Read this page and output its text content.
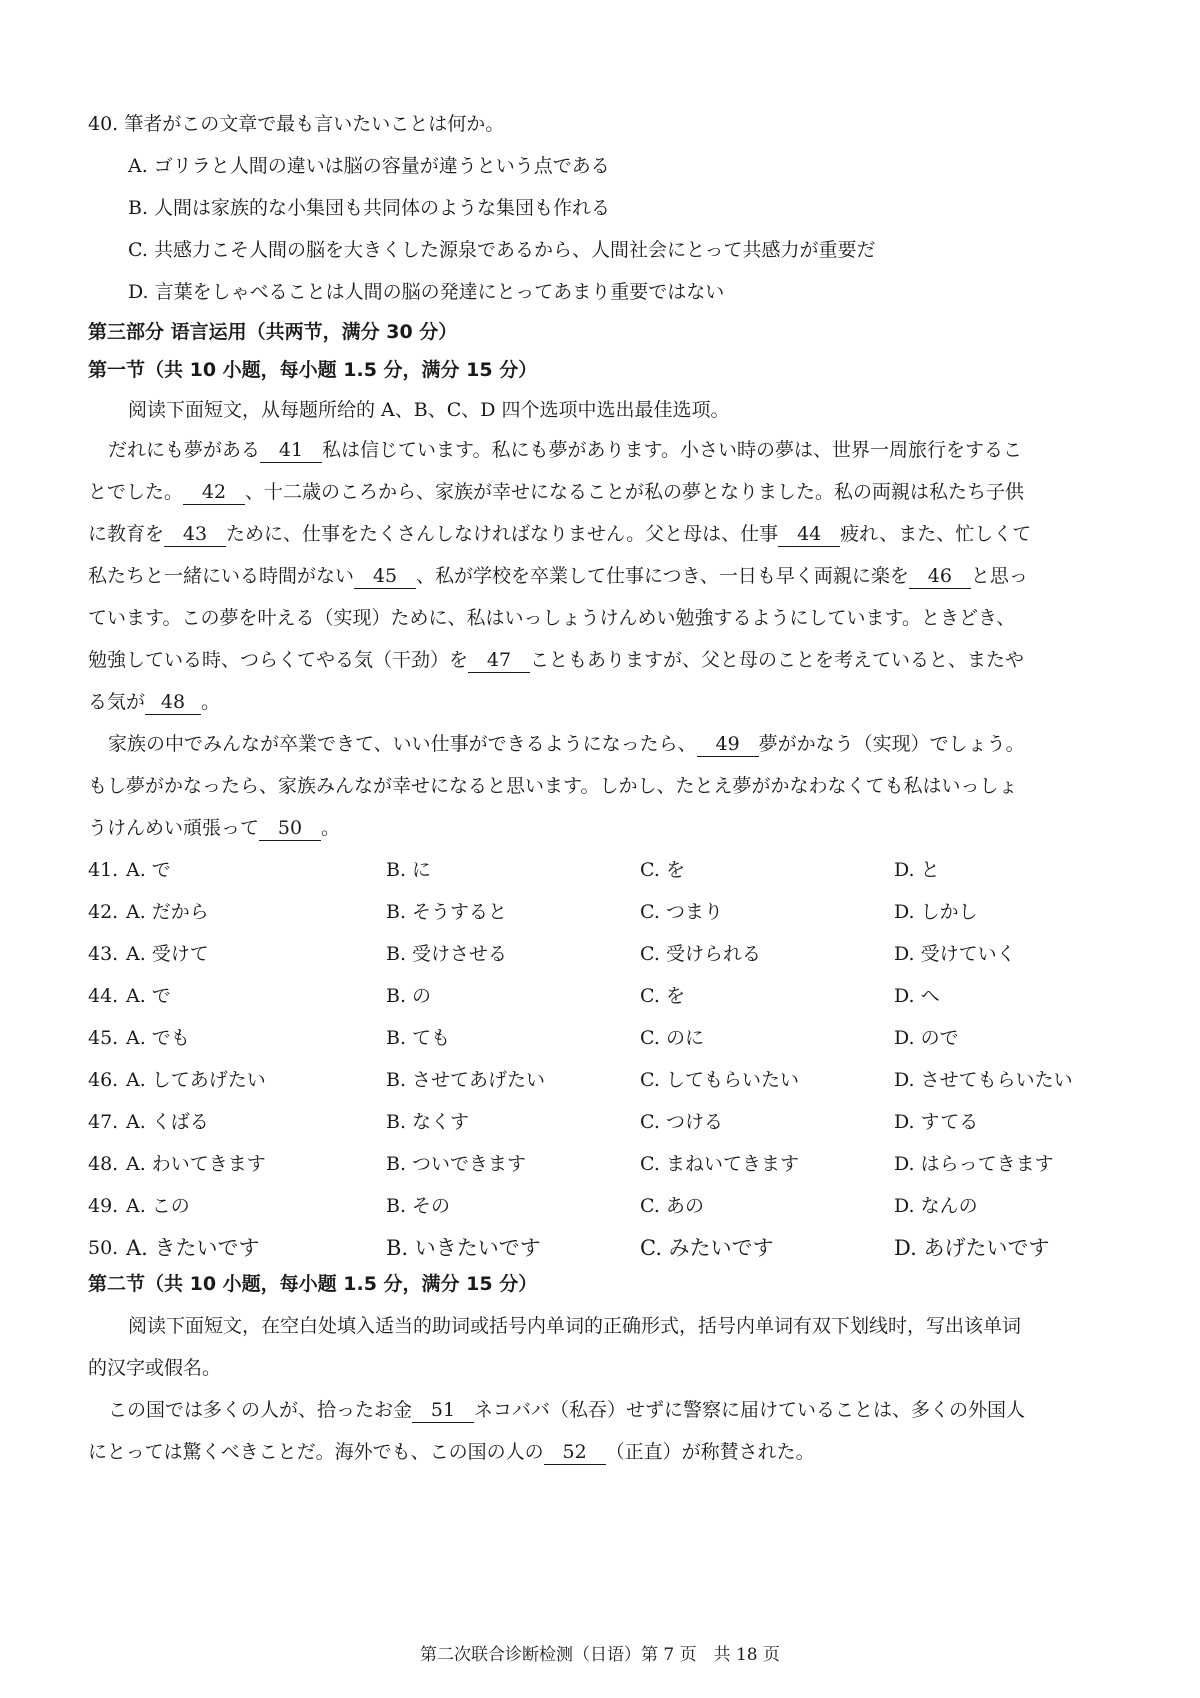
40. 筆者がこの文章で最も言いたいことは何か。
A. ゴリラと人間の違いは脳の容量が違うという点である
B. 人間は家族的な小集団も共同体のような集団も作れる
C. 共感力こそ人間の脳を大きくした源泉であるから、人間社会にとって共感力が重要だ
D. 言葉をしゃべることは人間の脳の発達にとってあまり重要ではない
第三部分 语言运用（共两节，满分 30 分）
第一节（共 10 小题，每小题 1.5 分，满分 15 分）
阅读下面短文，从每题所给的 A、B、C、D 四个选项中选出最佳选项。
だれにも夢がある 41 私は信じています。私にも夢があります。小さい時の夢は、世界一周旅行をするこ
とでした。 42 、十二歳のころから、家族が幸せになることが私の夢となりました。私の両親は私たち子供
に教育を 43 ために、仕事をたくさんしなければなりません。父と母は、仕事 44 疲れ、また、忙しくて
私たちと一緒にいる時間がない 45 、私が学校を卒業して仕事につき、一日も早く両親に楽を 46 と思っ
ています。この夢を叶える（实现）ために、私はいっしょうけんめい勉強するようにしています。ときどき、
勉強している時、つらくてやる気（干劲）を 47 こともありますが、父と母のことを考えていると、またや
る気が 48 。
家族の中でみんなが卒業できて、いい仕事ができるようになったら、 49 夢がかなう（实现）でしょう。
もし夢がかなったら、家族みんなが幸せになると思います。しかし、たとえ夢がかなわなくても私はいっしょ
うけんめい頑張って 50 。
41. A. で	B. に	C. を	D. と
42. A. だから	B. そうすると	C. つまり	D. しかし
43. A. 受けて	B. 受けさせる	C. 受けられる	D. 受けていく
44. A. で	B. の	C. を	D. へ
45. A. でも	B. ても	C. のに	D. ので
46. A. してあげたい	B. させてあげたい	C. してもらいたい	D. させてもらいたい
47. A. くばる	B. なくす	C. つける	D. すてる
48. A. わいてきます	B. ついできます	C. まねいてきます	D. はらってきます
49. A. この	B. その	C. あの	D. なんの
50. A. きたいです	B. いきたいです	C. みたいです	D. あげたいです
第二节（共 10 小题，每小题 1.5 分，满分 15 分）
阅读下面短文，在空白处填入适当的助词或括号内单词的正确形式，括号内单词有双下划线时，写出该单词
的汉字或假名。
この国では多くの人が、拾ったお金 51 ネコババ（私吞）せずに警察に届けていることは、多くの外国人
にとっては驚くべきことだ。海外でも、この国の人の 52 （正直）が称賛された。
第二次联合诊断检测（日语）第 7 页　共 18 页
